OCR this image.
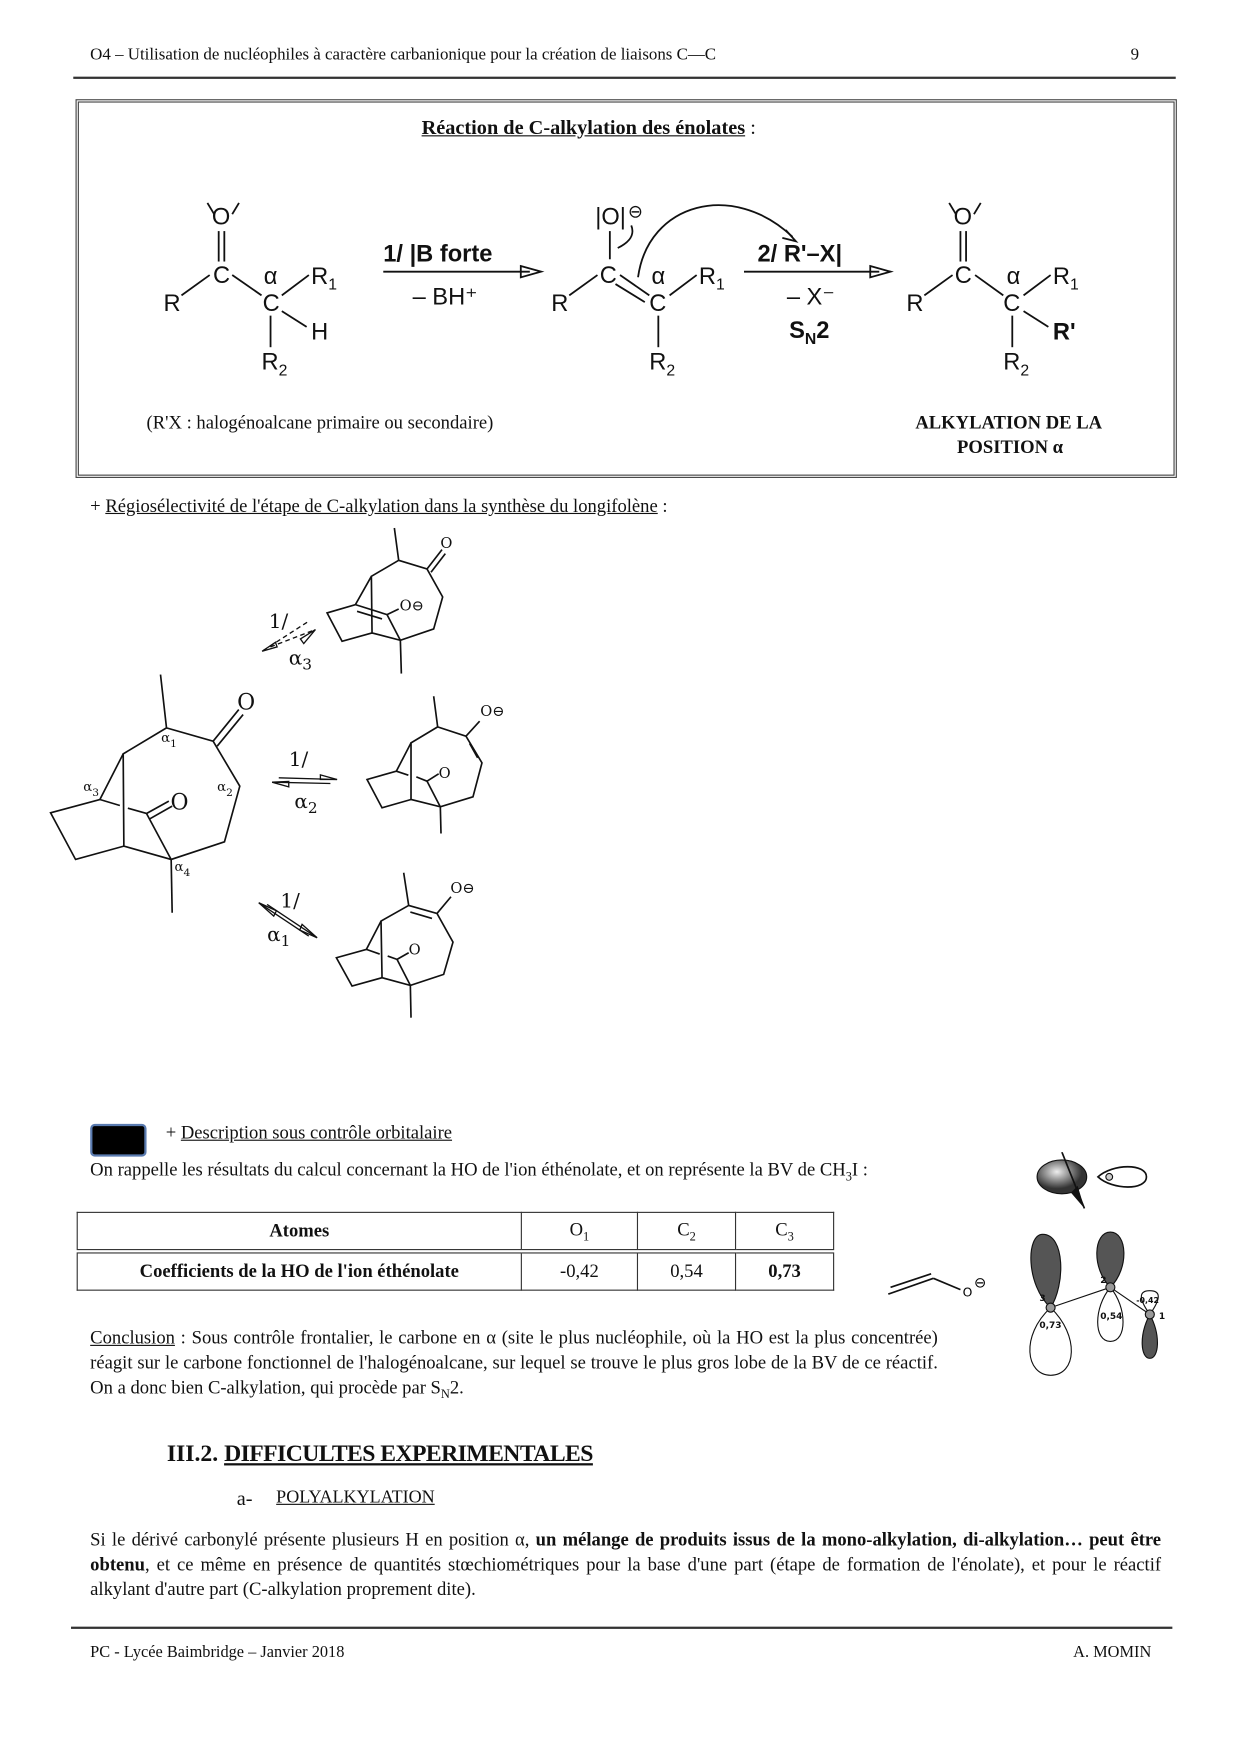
O4 – Utilisation de nucléophiles à caractère carbanionique pour la création de liaisons C—C	9
Réaction de C-alkylation des énolates :
O
C
R
α $R_1$
C
H
$R_2$
1/ |B forte
– BH⁺
|O| ⊖
C
R
α $R_1$
C
$R_2$
2/ R'–X|
– X⁻
$S_N2$
O
C
R
α $R_1$
C
R'
$R_2$
(R'X : halogénoalcane primaire ou secondaire)	ALKYLATION DE LA
POSITION α
+ Régiosélectivité de l'étape de C-alkylation dans la synthèse du longifolène :
O
O
$\alpha_1$
$\alpha_2$
$\alpha_3$
$\alpha_4$
O
O⊖
O
O⊖
O
O⊖
1/
$\alpha_3$
1/
$\alpha_2$
1/
$\alpha_1$
+ Description sous contrôle orbitalaire
On rappelle les résultats du calcul concernant la HO de l'ion éthénolate, et on représente la BV de $CH_3I$ :
Atomes	$O_1$	$C_2$	$C_3$
Coefficients de la HO de l'ion éthénolate	-0,42	0,54	0,73
O
⊖
3
2
1
0,73
0,54
-0,42
Conclusion : Sous contrôle frontalier, le carbone en α (site le plus nucléophile, où la HO est la plus concentrée) réagit sur le carbone fonctionnel de l'halogénoalcane, sur lequel se trouve le plus gros lobe de la BV de ce réactif. On a donc bien C-alkylation, qui procède par $S_N2$.
III.2. DIFFICULTES EXPERIMENTALES
a- POLYALKYLATION
Si le dérivé carbonylé présente plusieurs H en position α, un mélange de produits issus de la mono-alkylation, di-alkylation… peut être obtenu, et ce même en présence de quantités stœchiométriques pour la base d'une part (étape de formation de l'énolate), et pour le réactif alkylant d'autre part (C-alkylation proprement dite).
PC - Lycée Baimbridge – Janvier 2018	A. MOMIN
